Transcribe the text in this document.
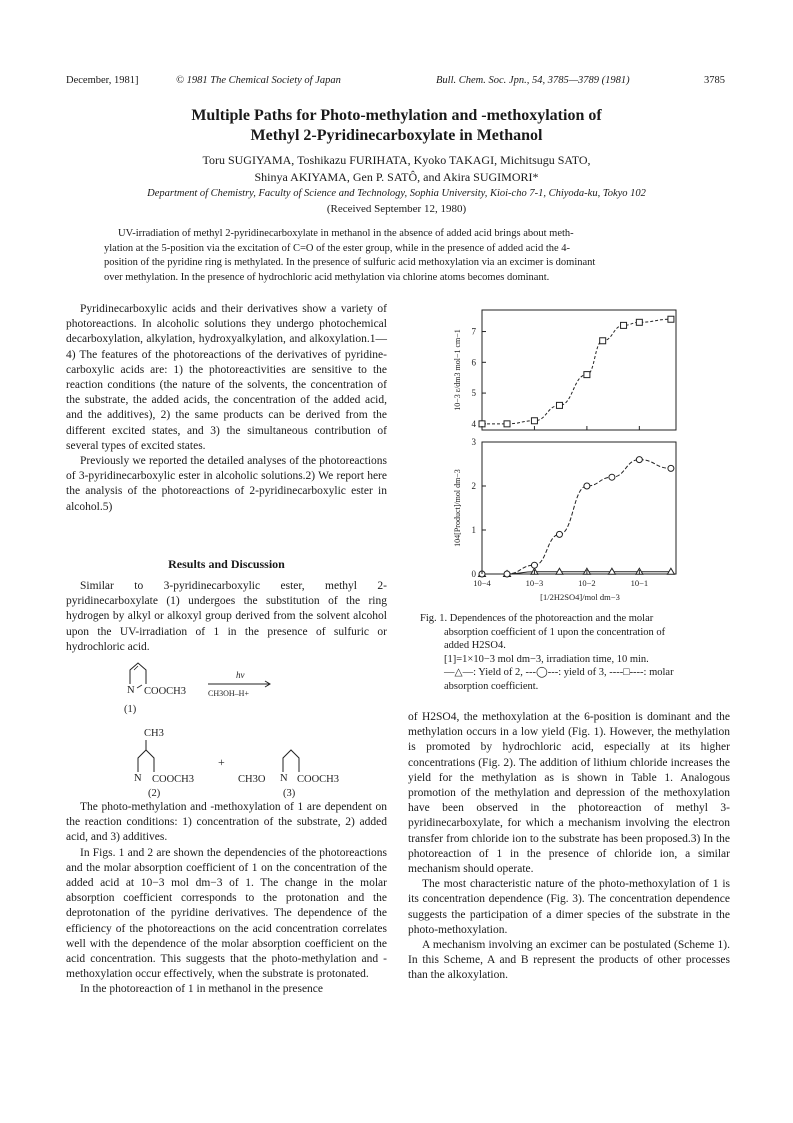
December, 1981]	© 1981 The Chemical Society of Japan	Bull. Chem. Soc. Jpn., 54, 3785—3789 (1981)	3785
Multiple Paths for Photo-methylation and -methoxylation of
Methyl 2-Pyridinecarboxylate in Methanol
Toru SUGIYAMA, Toshikazu FURIHATA, Kyoko TAKAGI, Michitsugu SATO,
Shinya AKIYAMA, Gen P. SATÔ, and Akira SUGIMORI*
Department of Chemistry, Faculty of Science and Technology, Sophia University, Kioi-cho 7-1, Chiyoda-ku, Tokyo 102
(Received September 12, 1980)
UV-irradiation of methyl 2-pyridinecarboxylate in methanol in the absence of added acid brings about meth-
ylation at the 5-position via the excitation of C=O of the ester group, while in the presence of added acid the 4-
position of the pyridine ring is methylated. In the presence of sulfuric acid methoxylation via an excimer is dominant
over methylation. In the presence of hydrochloric acid methylation via chlorine atoms becomes dominant.

Pyridinecarboxylic acids and their derivatives show a variety of photoreactions. In alcoholic solutions they undergo photochemical decarboxylation, alkylation, hydroxyalkylation, and alkoxylation.1—4) The features of the photoreactions of the derivatives of pyridine-carboxylic acids are: 1) the photoreactivities are sensitive to the reaction conditions (the nature of the solvents, the concentration of the substrate, the added acids, the concentration of the added acid, and the additives), 2) the same products can be derived from the different excited states, and 3) the simultaneous contribution of several types of excited states.

Previously we reported the detailed analyses of the photoreactions of 3-pyridinecarboxylic ester in alcoholic solutions.2) We report here the analysis of the photoreactions of 2-pyridinecarboxylic ester in alcohol.5)

Results and Discussion

Similar to 3-pyridinecarboxylic ester, methyl 2-pyridinecarboxylate (1) undergoes the substitution of the ring hydrogen by alkyl or alkoxyl group derived from the solvent alcohol upon the UV-irradiation of 1 in the presence of sulfuric or hydrochloric acid.

N COOCH3
hν
CH3OH–H+
(1)
CH3
N COOCH3
+
CH3O N COOCH3
(2)	(3)

The photo-methylation and -methoxylation of 1 are dependent on the reaction conditions: 1) concentration of the substrate, 2) added acid, and 3) additives.

In Figs. 1 and 2 are shown the dependencies of the photoreactions and the molar absorption coefficient of 1 on the concentration of the added acid at 10−3 mol dm−3 of 1. The change in the molar absorption coefficient corresponds to the protonation and the deprotonation of the pyridine derivatives. The dependence of the efficiency of the photoreactions on the acid concentration correlates well with the dependence of the molar absorption coefficient on the acid concentration. This suggests that the photo-methylation and -methoxylation occur effectively, when the substrate is protonated.

In the photoreaction of 1 in methanol in the presence

10−3 ε/dm3 mol−1 cm−1
4
5
6
7
104[Product]/mol dm−3
0
1
2
3
10−4	10−3	10−2	10−1
[1/2H2SO4]/mol dm−3
Fig. 1. Dependences of the photoreaction and the molar
absorption coefficient of 1 upon the concentration of
added H2SO4.
[1]=1×10−3 mol dm−3, irradiation time, 10 min.
—△—: Yield of 2, ---◯---: yield of 3, ----□----: molar
absorption coefficient.

of H2SO4, the methoxylation at the 6-position is dominant and the methylation occurs in a low yield (Fig. 1). However, the methylation is promoted by hydrochloric acid, especially at its higher concentrations (Fig. 2). The addition of lithium chloride increases the yield for the methylation as is shown in Table 1. Analogous promotion of the methylation and depression of the methoxylation have been observed in the photoreaction of methyl 3-pyridinecarboxylate, for which a mechanism involving the electron transfer from chloride ion to the substrate has been proposed.3) In the photoreaction of 1 in the presence of chloride ion, a similar mechanism should operate.

The most characteristic nature of the photo-methoxylation of 1 is its concentration dependence (Fig. 3). The concentration dependence suggests the participation of a dimer species of the substrate in the photo-methoxylation.

A mechanism involving an excimer can be postulated (Scheme 1). In this Scheme, A and B represent the products of other processes than the alkoxylation.
